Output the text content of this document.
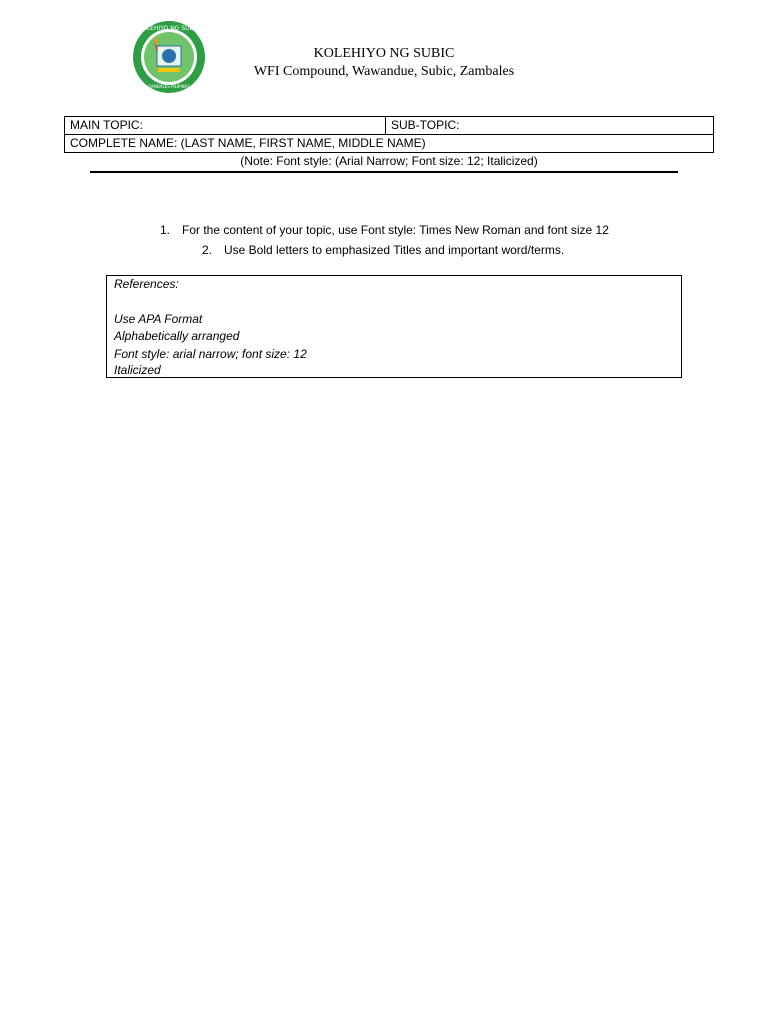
KOLEHIYO NG SUBIC
ZAMBALES PILIPINAS
KOLEHIYO NG SUBIC
WFI Compound, Wawandue, Subic, Zambales
MAIN TOPIC:	SUB-TOPIC:
COMPLETE NAME: (LAST NAME, FIRST NAME, MIDDLE NAME)
(Note: Font style: (Arial Narrow; Font size: 12; Italicized)
1. For the content of your topic, use Font style: Times New Roman and font size 12
2. Use Bold letters to emphasized Titles and important word/terms.
References:
Use APA Format
Alphabetically arranged
Font style: arial narrow; font size: 12
Italicized
